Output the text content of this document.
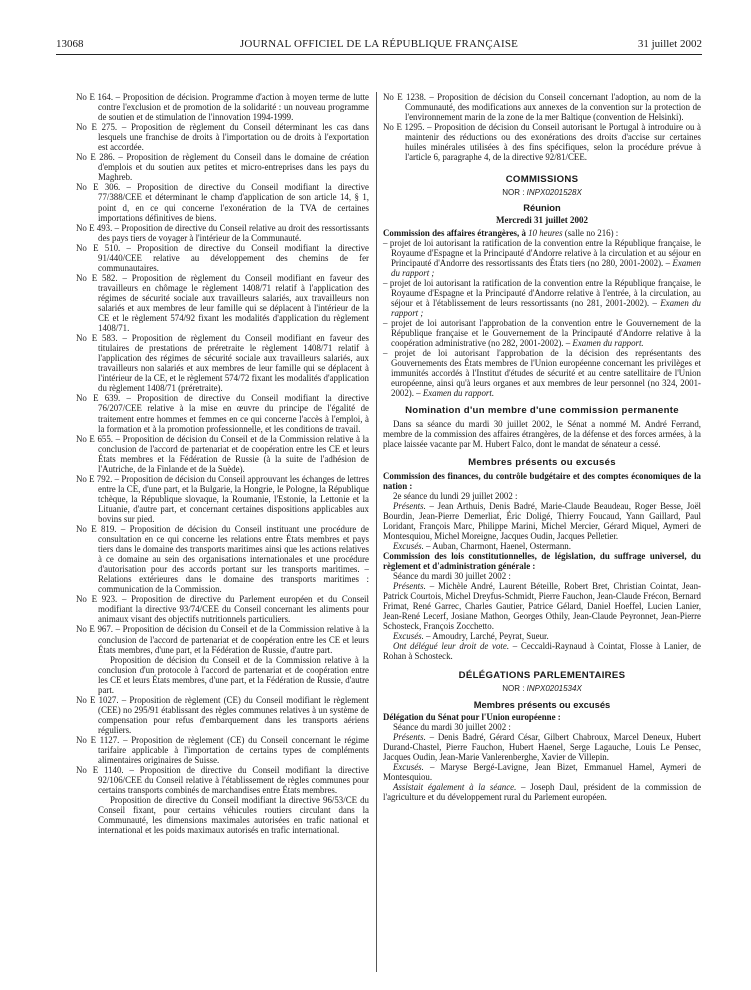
13068	JOURNAL OFFICIEL DE LA RÉPUBLIQUE FRANÇAISE	31 juillet 2002

No E 164. – Proposition de décision. Programme d'action à moyen terme de lutte contre l'exclusion et de promotion de la solidarité : un nouveau programme de soutien et de stimulation de l'innovation 1994-1999.

No E 275. – Proposition de règlement du Conseil déterminant les cas dans lesquels une franchise de droits à l'importation ou de droits à l'exportation est accordée.

No E 286. – Proposition de règlement du Conseil dans le domaine de création d'emplois et du soutien aux petites et micro-entreprises dans les pays du Maghreb.

No E 306. – Proposition de directive du Conseil modifiant la directive 77/388/CEE et déterminant le champ d'application de son article 14, § 1, point d, en ce qui concerne l'exonération de la TVA de certaines importations définitives de biens.

No E 493. – Proposition de directive du Conseil relative au droit des ressortissants des pays tiers de voyager à l'intérieur de la Communauté.

No E 510. – Proposition de directive du Conseil modifiant la directive 91/440/CEE relative au développement des chemins de fer communautaires.

No E 582. – Proposition de règlement du Conseil modifiant en faveur des travailleurs en chômage le règlement 1408/71 relatif à l'application des régimes de sécurité sociale aux travailleurs salariés, aux travailleurs non salariés et aux membres de leur famille qui se déplacent à l'intérieur de la CE et le règlement 574/92 fixant les modalités d'application du règlement 1408/71.

No E 583. – Proposition de règlement du Conseil modifiant en faveur des titulaires de prestations de préretraite le règlement 1408/71 relatif à l'application des régimes de sécurité sociale aux travailleurs salariés, aux travailleurs non salariés et aux membres de leur famille qui se déplacent à l'intérieur de la CE, et le règlement 574/72 fixant les modalités d'application du règlement 1408/71 (préretraite).

No E 639. – Proposition de directive du Conseil modifiant la directive 76/207/CEE relative à la mise en œuvre du principe de l'égalité de traitement entre hommes et femmes en ce qui concerne l'accès à l'emploi, à la formation et à la promotion professionnelle, et les conditions de travail.

No E 655. – Proposition de décision du Conseil et de la Commission relative à la conclusion de l'accord de partenariat et de coopération entre les CE et leurs États membres et la Fédération de Russie (à la suite de l'adhésion de l'Autriche, de la Finlande et de la Suède).

No E 792. – Proposition de décision du Conseil approuvant les échanges de lettres entre la CE, d'une part, et la Bulgarie, la Hongrie, le Pologne, la République tchèque, la République slovaque, la Roumanie, l'Estonie, la Lettonie et la Lituanie, d'autre part, et concernant certaines dispositions applicables aux bovins sur pied.

No E 819. – Proposition de décision du Conseil instituant une procédure de consultation en ce qui concerne les relations entre États membres et pays tiers dans le domaine des transports maritimes ainsi que les actions relatives à ce domaine au sein des organisations internationales et une procédure d'autorisation pour des accords portant sur les transports maritimes. – Relations extérieures dans le domaine des transports maritimes : communication de la Commission.

No E 923. – Proposition de directive du Parlement européen et du Conseil modifiant la directive 93/74/CEE du Conseil concernant les aliments pour animaux visant des objectifs nutritionnels particuliers.

No E 967. – Proposition de décision du Conseil et de la Commission relative à la conclusion de l'accord de partenariat et de coopération entre les CE et leurs États membres, d'une part, et la Fédération de Russie, d'autre part.

Proposition de décision du Conseil et de la Commission relative à la conclusion d'un protocole à l'accord de partenariat et de coopération entre les CE et leurs États membres, d'une part, et la Fédération de Russie, d'autre part.

No E 1027. – Proposition de règlement (CE) du Conseil modifiant le règlement (CEE) no 295/91 établissant des règles communes relatives à un système de compensation pour refus d'embarquement dans les transports aériens réguliers.

No E 1127. – Proposition de règlement (CE) du Conseil concernant le régime tarifaire applicable à l'importation de certains types de compléments alimentaires originaires de Suisse.

No E 1140. – Proposition de directive du Conseil modifiant la directive 92/106/CEE du Conseil relative à l'établissement de règles communes pour certains transports combinés de marchandises entre États membres.

Proposition de directive du Conseil modifiant la directive 96/53/CE du Conseil fixant, pour certains véhicules routiers circulant dans la Communauté, les dimensions maximales autorisées en trafic national et international et les poids maximaux autorisés en trafic international.

No E 1238. – Proposition de décision du Conseil concernant l'adoption, au nom de la Communauté, des modifications aux annexes de la convention sur la protection de l'environnement marin de la zone de la mer Baltique (convention de Helsinki).

No E 1295. – Proposition de décision du Conseil autorisant le Portugal à introduire ou à maintenir des réductions ou des exonérations des droits d'accise sur certaines huiles minérales utilisées à des fins spécifiques, selon la procédure prévue à l'article 6, paragraphe 4, de la directive 92/81/CEE.

COMMISSIONS
NOR : INPX0201528X
Réunion
Mercredi 31 juillet 2002

Commission des affaires étrangères, à 10 heures (salle no 216) :

– projet de loi autorisant la ratification de la convention entre la République française, le Royaume d'Espagne et la Principauté d'Andorre relative à la circulation et au séjour en Principauté d'Andorre des ressortissants des États tiers (no 280, 2001-2002). – Examen du rapport ;

– projet de loi autorisant la ratification de la convention entre la République française, le Royaume d'Espagne et la Principauté d'Andorre relative à l'entrée, à la circulation, au séjour et à l'établissement de leurs ressortissants (no 281, 2001-2002). – Examen du rapport ;

– projet de loi autorisant l'approbation de la convention entre le Gouvernement de la République française et le Gouvernement de la Principauté d'Andorre relative à la coopération administrative (no 282, 2001-2002). – Examen du rapport.

– projet de loi autorisant l'approbation de la décision des représentants des Gouvernements des États membres de l'Union européenne concernant les privilèges et immunités accordés à l'Institut d'études de sécurité et au centre satellitaire de l'Union européenne, ainsi qu'à leurs organes et aux membres de leur personnel (no 324, 2001-2002). – Examen du rapport.

Nomination d'un membre d'une commission permanente

Dans sa séance du mardi 30 juillet 2002, le Sénat a nommé M. André Ferrand, membre de la commission des affaires étrangères, de la défense et des forces armées, à la place laissée vacante par M. Hubert Falco, dont le mandat de sénateur a cessé.

Membres présents ou excusés

Commission des finances, du contrôle budgétaire et des comptes économiques de la nation :

2e séance du lundi 29 juillet 2002 :

Présents. – Jean Arthuis, Denis Badré, Marie-Claude Beaudeau, Roger Besse, Joël Bourdin, Jean-Pierre Demerliat, Éric Doligé, Thierry Foucaud, Yann Gaillard, Paul Loridant, François Marc, Philippe Marini, Michel Mercier, Gérard Miquel, Aymeri de Montesquiou, Michel Moreigne, Jacques Oudin, Jacques Pelletier.

Excusés. – Auban, Charmont, Haenel, Ostermann.

Commission des lois constitutionnelles, de législation, du suffrage universel, du règlement et d'administration générale :

Séance du mardi 30 juillet 2002 :

Présents. – Michèle André, Laurent Béteille, Robert Bret, Christian Cointat, Jean-Patrick Courtois, Michel Dreyfus-Schmidt, Pierre Fauchon, Jean-Claude Frécon, Bernard Frimat, René Garrec, Charles Gautier, Patrice Gélard, Daniel Hoeffel, Lucien Lanier, Jean-René Lecerf, Josiane Mathon, Georges Othily, Jean-Claude Peyronnet, Jean-Pierre Schosteck, François Zocchetto.

Excusés. – Amoudry, Larché, Peyrat, Sueur.

Ont délégué leur droit de vote. – Ceccaldi-Raynaud à Cointat, Flosse à Lanier, de Rohan à Schosteck.

DÉLÉGATIONS PARLEMENTAIRES
NOR : INPX0201534X
Membres présents ou excusés

Délégation du Sénat pour l'Union européenne :

Séance du mardi 30 juillet 2002 :

Présents. – Denis Badré, Gérard César, Gilbert Chabroux, Marcel Deneux, Hubert Durand-Chastel, Pierre Fauchon, Hubert Haenel, Serge Lagauche, Louis Le Pensec, Jacques Oudin, Jean-Marie Vanlerenberghe, Xavier de Villepin.

Excusés. – Maryse Bergé-Lavigne, Jean Bizet, Emmanuel Hamel, Aymeri de Montesquiou.

Assistait également à la séance. – Joseph Daul, président de la commission de l'agriculture et du développement rural du Parlement européen.
